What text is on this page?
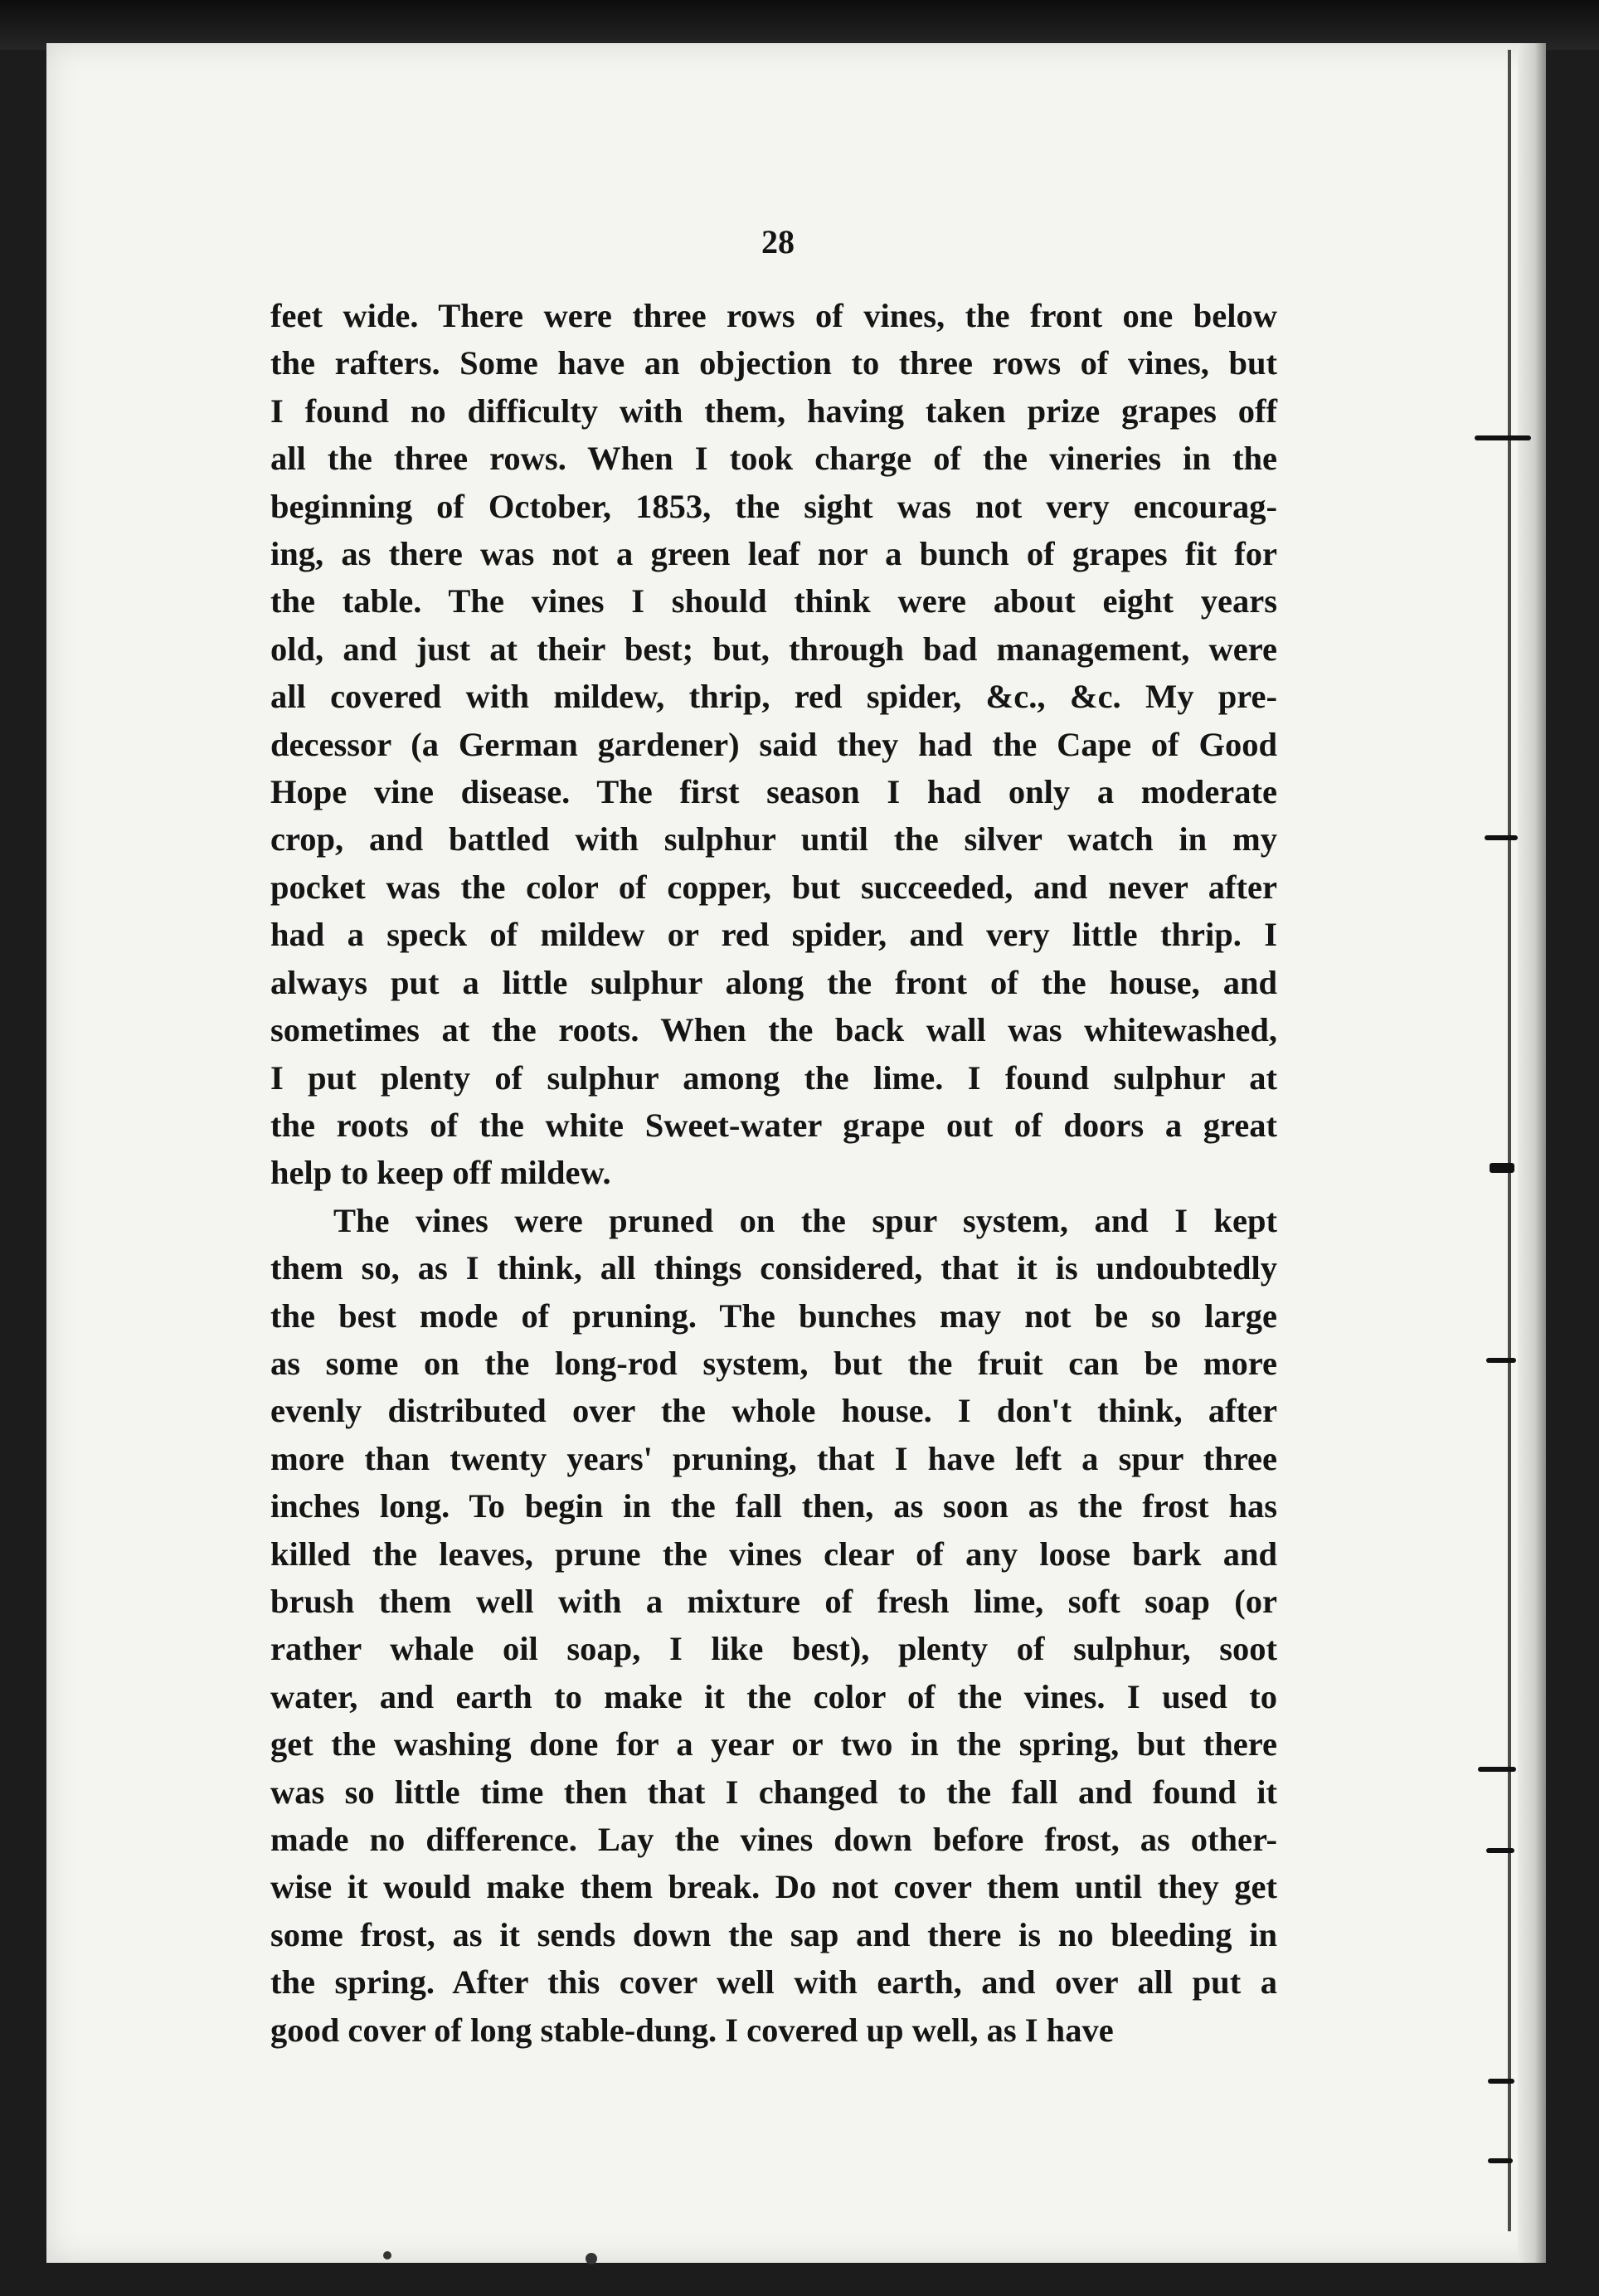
28
feet wide. There were three rows of vines, the front one below
the rafters. Some have an objection to three rows of vines, but
I found no difficulty with them, having taken prize grapes off
all the three rows. When I took charge of the vineries in the
beginning of October, 1853, the sight was not very encourag-
ing, as there was not a green leaf nor a bunch of grapes fit for
the table. The vines I should think were about eight years
old, and just at their best; but, through bad management, were
all covered with mildew, thrip, red spider, &c., &c. My pre-
decessor (a German gardener) said they had the Cape of Good
Hope vine disease. The first season I had only a moderate
crop, and battled with sulphur until the silver watch in my
pocket was the color of copper, but succeeded, and never after
had a speck of mildew or red spider, and very little thrip. I
always put a little sulphur along the front of the house, and
sometimes at the roots. When the back wall was whitewashed,
I put plenty of sulphur among the lime. I found sulphur at
the roots of the white Sweet-water grape out of doors a great
help to keep off mildew.
The vines were pruned on the spur system, and I kept
them so, as I think, all things considered, that it is undoubtedly
the best mode of pruning. The bunches may not be so large
as some on the long-rod system, but the fruit can be more
evenly distributed over the whole house. I don't think, after
more than twenty years' pruning, that I have left a spur three
inches long. To begin in the fall then, as soon as the frost has
killed the leaves, prune the vines clear of any loose bark and
brush them well with a mixture of fresh lime, soft soap (or
rather whale oil soap, I like best), plenty of sulphur, soot
water, and earth to make it the color of the vines. I used to
get the washing done for a year or two in the spring, but there
was so little time then that I changed to the fall and found it
made no difference. Lay the vines down before frost, as other-
wise it would make them break. Do not cover them until they get
some frost, as it sends down the sap and there is no bleeding in
the spring. After this cover well with earth, and over all put a
good cover of long stable-dung. I covered up well, as I have
